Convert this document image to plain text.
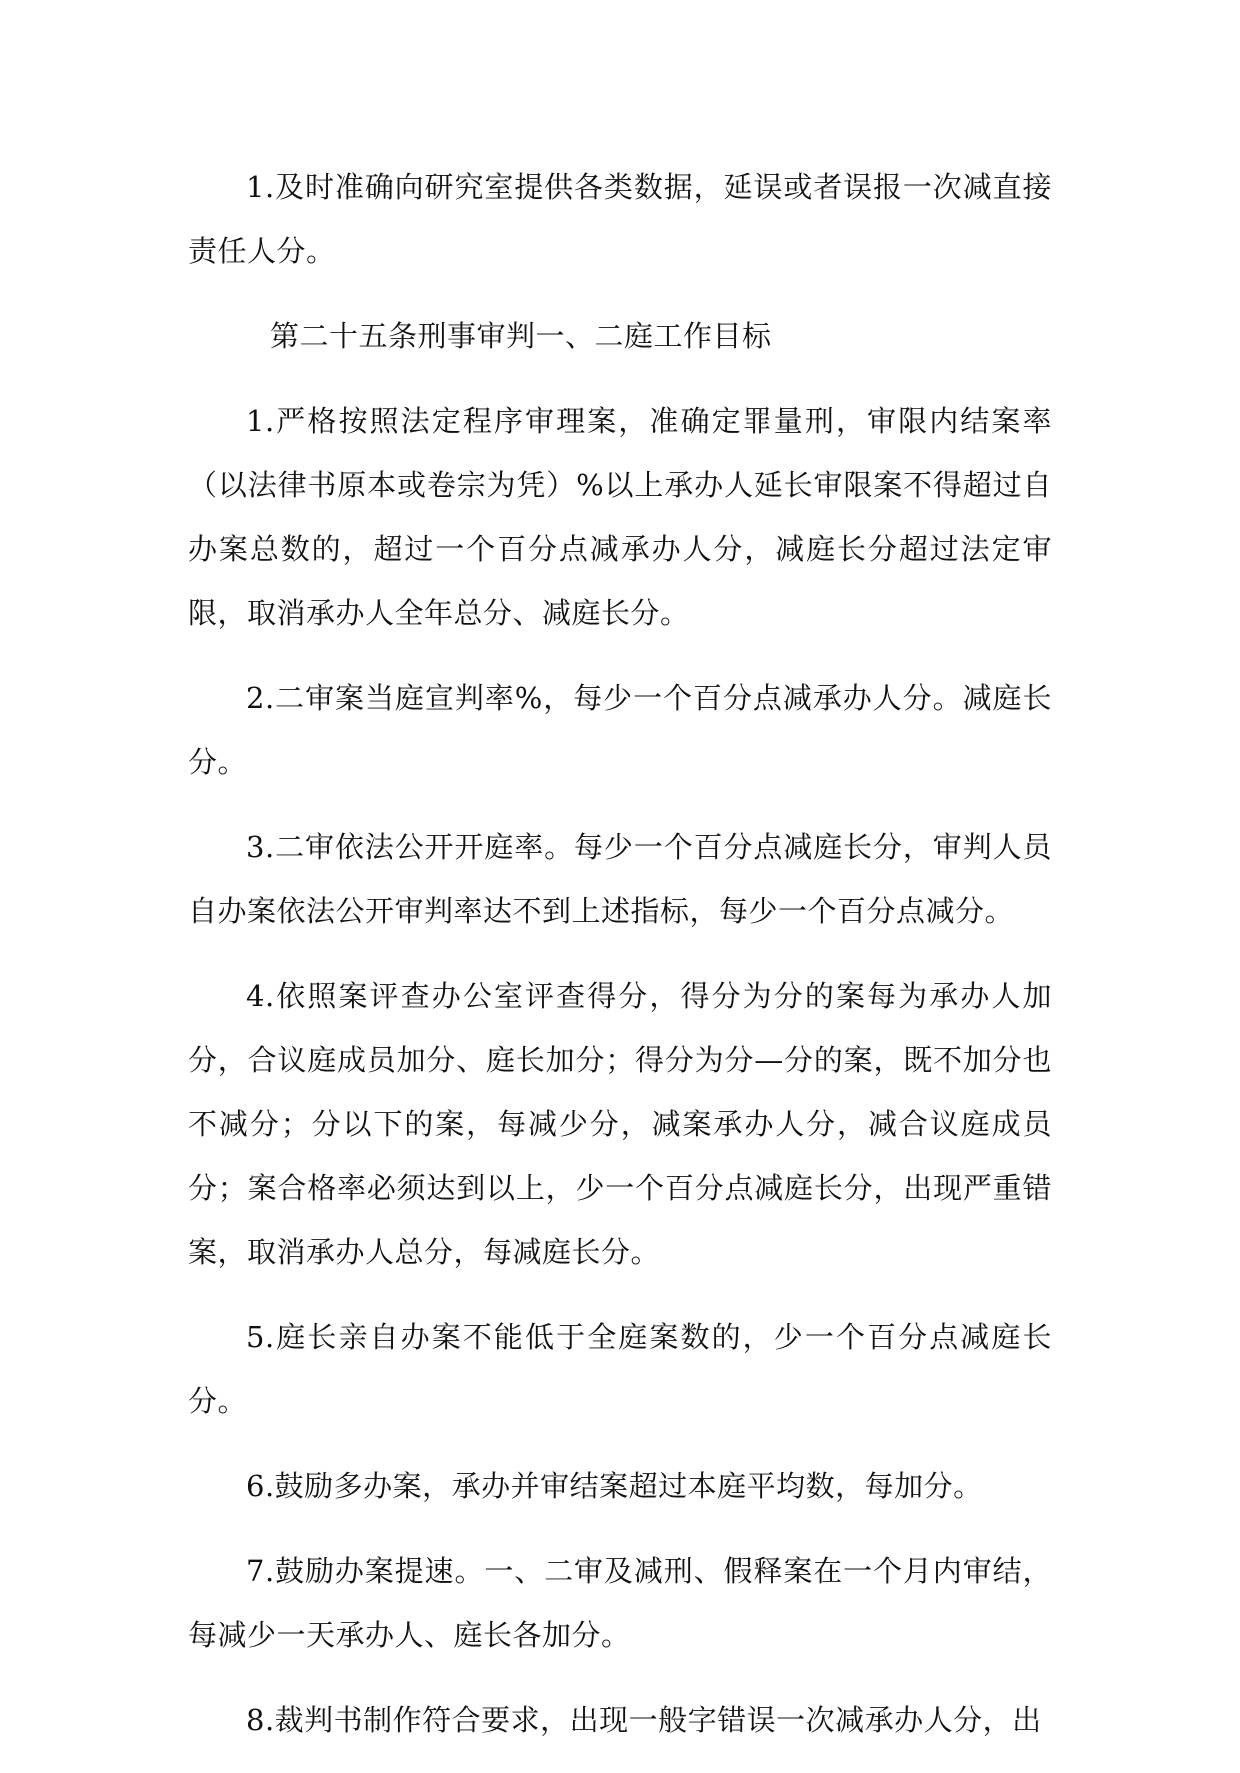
1.及时准确向研究室提供各类数据，延误或者误报一次减直接责任人分。

第二十五条刑事审判一、二庭工作目标

1.严格按照法定程序审理案，准确定罪量刑，审限内结案率（以法律书原本或卷宗为凭）%以上承办人延长审限案不得超过自办案总数的，超过一个百分点减承办人分，减庭长分超过法定审限，取消承办人全年总分、减庭长分。

2.二审案当庭宣判率%，每少一个百分点减承办人分。减庭长分。

3.二审依法公开开庭率。每少一个百分点减庭长分，审判人员自办案依法公开审判率达不到上述指标，每少一个百分点减分。

4.依照案评查办公室评查得分，得分为分的案每为承办人加分，合议庭成员加分、庭长加分；得分为分—分的案，既不加分也不减分；分以下的案，每减少分，减案承办人分，减合议庭成员分；案合格率必须达到以上，少一个百分点减庭长分，出现严重错案，取消承办人总分，每减庭长分。

5.庭长亲自办案不能低于全庭案数的，少一个百分点减庭长分。

6.鼓励多办案，承办并审结案超过本庭平均数，每加分。

7.鼓励办案提速。一、二审及减刑、假释案在一个月内审结，每减少一天承办人、庭长各加分。

8.裁判书制作符合要求，出现一般字错误一次减承办人分，出
